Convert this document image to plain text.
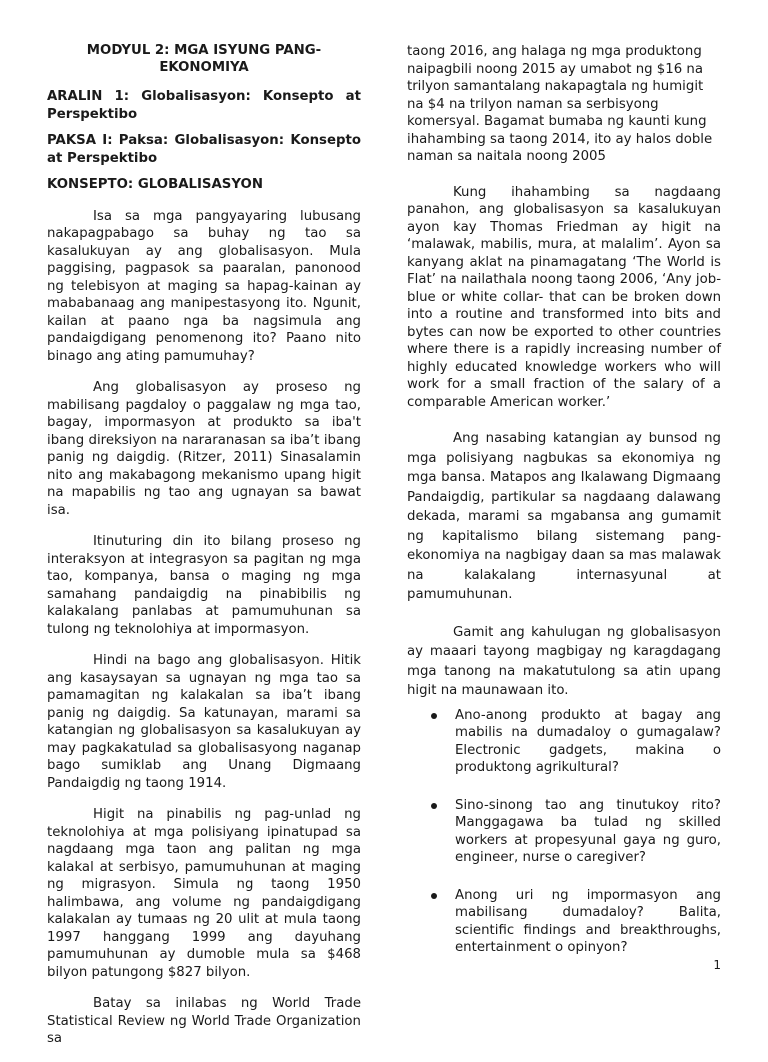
MODYUL 2: MGA ISYUNG PANG-EKONOMIYA
ARALIN 1: Globalisasyon: Konsepto at Perspektibo
PAKSA I: Paksa: Globalisasyon: Konsepto at Perspektibo
KONSEPTO: GLOBALISASYON

Isa sa mga pangyayaring lubusang nakapagpabago sa buhay ng tao sa kasalukuyan ay ang globalisasyon. Mula paggising, pagpasok sa paaralan, panonood ng telebisyon at maging sa hapag-kainan ay mababanaag ang manipestasyong ito. Ngunit, kailan at paano nga ba nagsimula ang pandaigdigang penomenong ito? Paano nito binago ang ating pamumuhay?

Ang globalisasyon ay proseso ng mabilisang pagdaloy o paggalaw ng mga tao, bagay, impormasyon at produkto sa iba't ibang direksiyon na nararanasan sa iba’t ibang panig ng daigdig. (Ritzer, 2011) Sinasalamin nito ang makabagong mekanismo upang higit na mapabilis ng tao ang ugnayan sa bawat isa.

Itinuturing din ito bilang proseso ng interaksyon at integrasyon sa pagitan ng mga tao, kompanya, bansa o maging ng mga samahang pandaigdig na pinabibilis ng kalakalang panlabas at pamumuhunan sa tulong ng teknolohiya at impormasyon.

Hindi na bago ang globalisasyon. Hitik ang kasaysayan sa ugnayan ng mga tao sa pamamagitan ng kalakalan sa iba’t ibang panig ng daigdig. Sa katunayan, marami sa katangian ng globalisasyon sa kasalukuyan ay may pagkakatulad sa globalisasyong naganap bago sumiklab ang Unang Digmaang Pandaigdig ng taong 1914.

Higit na pinabilis ng pag-unlad ng teknolohiya at mga polisiyang ipinatupad sa nagdaang mga taon ang palitan ng mga kalakal at serbisyo, pamumuhunan at maging ng migrasyon. Simula ng taong 1950 halimbawa, ang volume ng pandaigdigang kalakalan ay tumaas ng 20 ulit at mula taong 1997 hanggang 1999 ang dayuhang pamumuhunan ay dumoble mula sa $468 bilyon patungong $827 bilyon.

Batay sa inilabas ng World Trade Statistical Review ng World Trade Organization sa

taong 2016, ang halaga ng mga produktong naipagbili noong 2015 ay umabot ng $16 na trilyon samantalang nakapagtala ng humigit na $4 na trilyon naman sa serbisyong komersyal. Bagamat bumaba ng kaunti kung ihahambing sa taong 2014, ito ay halos doble naman sa naitala noong 2005

Kung ihahambing sa nagdaang panahon, ang globalisasyon sa kasalukuyan ayon kay Thomas Friedman ay higit na ‘malawak, mabilis, mura, at malalim’. Ayon sa kanyang aklat na pinamagatang ‘The World is Flat’ na nailathala noong taong 2006, ‘Any job- blue or white collar- that can be broken down into a routine and transformed into bits and bytes can now be exported to other countries where there is a rapidly increasing number of highly educated knowledge workers who will work for a small fraction of the salary of a comparable American worker.’

Ang nasabing katangian ay bunsod ng mga polisiyang nagbukas sa ekonomiya ng mga bansa. Matapos ang Ikalawang Digmaang Pandaigdig, partikular sa nagdaang dalawang dekada, marami sa mgabansa ang gumamit ng kapitalismo bilang sistemang pang-ekonomiya na nagbigay daan sa mas malawak na kalakalang internasyunal at pamumuhunan.

Gamit ang kahulugan ng globalisasyon ay maaari tayong magbigay ng karagdagang mga tanong na makatutulong sa atin upang higit na maunawaan ito.

Ano-anong produkto at bagay ang mabilis na dumadaloy o gumagalaw? Electronic gadgets, makina o produktong agrikultural?
Sino-sinong tao ang tinutukoy rito? Manggagawa ba tulad ng skilled workers at propesyunal gaya ng guro, engineer, nurse o caregiver?
Anong uri ng impormasyon ang mabilisang dumadaloy? Balita, scientific findings and breakthroughs, entertainment o opinyon?
1
